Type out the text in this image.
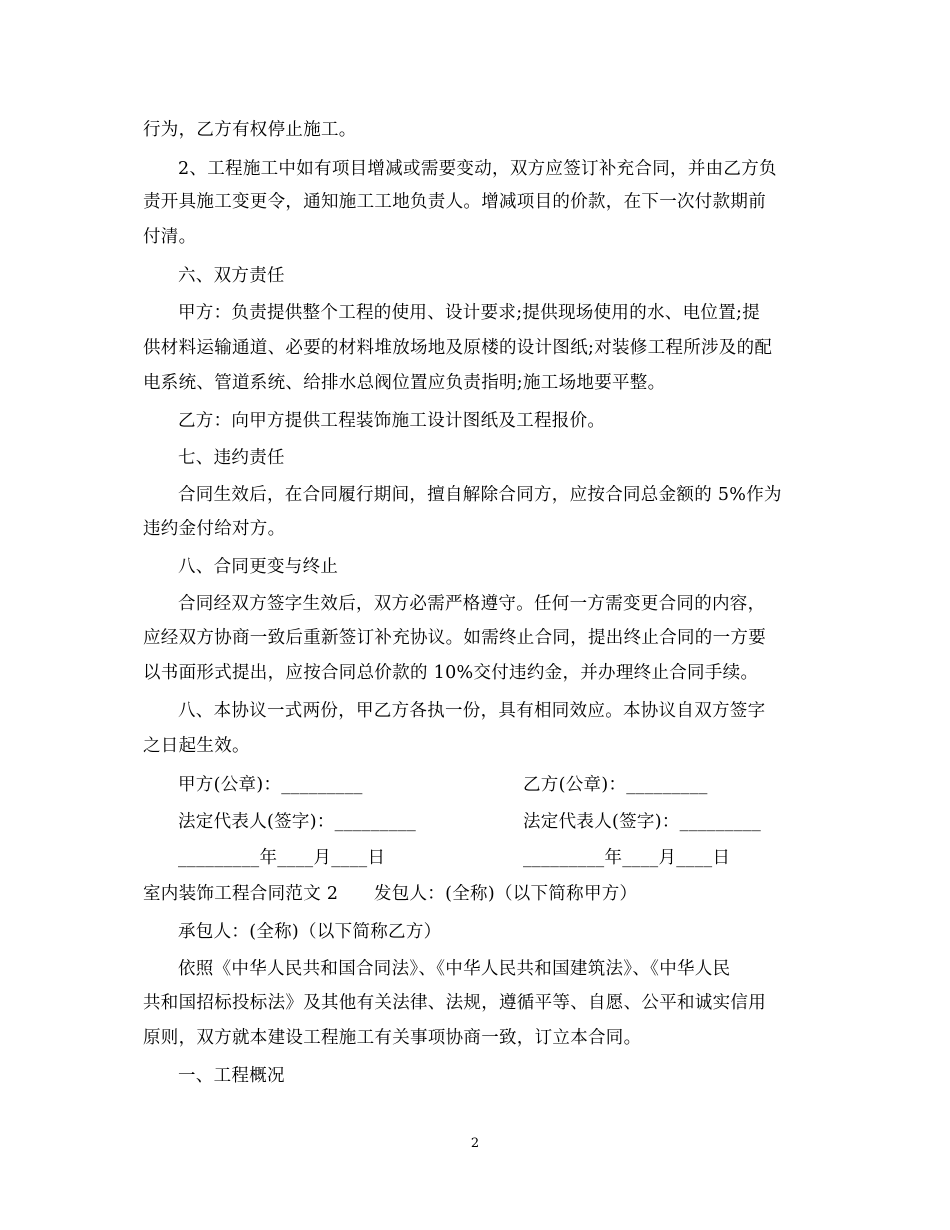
行为，乙方有权停止施工。
2、工程施工中如有项目增减或需要变动，双方应签订补充合同，并由乙方负
责开具施工变更令，通知施工工地负责人。增减项目的价款，在下一次付款期前
付清。
六、双方责任
甲方：负责提供整个工程的使用、设计要求;提供现场使用的水、电位置;提
供材料运输通道、必要的材料堆放场地及原楼的设计图纸;对装修工程所涉及的配
电系统、管道系统、给排水总阀位置应负责指明;施工场地要平整。
乙方：向甲方提供工程装饰施工设计图纸及工程报价。
七、违约责任
合同生效后，在合同履行期间，擅自解除合同方，应按合同总金额的 5%作为
违约金付给对方。
八、合同更变与终止
合同经双方签字生效后，双方必需严格遵守。任何一方需变更合同的内容，
应经双方协商一致后重新签订补充协议。如需终止合同，提出终止合同的一方要
以书面形式提出，应按合同总价款的 10%交付违约金，并办理终止合同手续。
八、本协议一式两份，甲乙方各执一份，具有相同效应。本协议自双方签字
之日起生效。
甲方(公章)：_________	乙方(公章)：_________
法定代表人(签字)：_________	法定代表人(签字)：_________
_________年____月____日	_________年____月____日
室内装饰工程合同范文 2　　发包人：(全称)（以下简称甲方）
承包人：(全称)（以下简称乙方）
依照《中华人民共和国合同法》、《中华人民共和国建筑法》、《中华人民
共和国招标投标法》及其他有关法律、法规，遵循平等、自愿、公平和诚实信用
原则，双方就本建设工程施工有关事项协商一致，订立本合同。
一、工程概况
2
